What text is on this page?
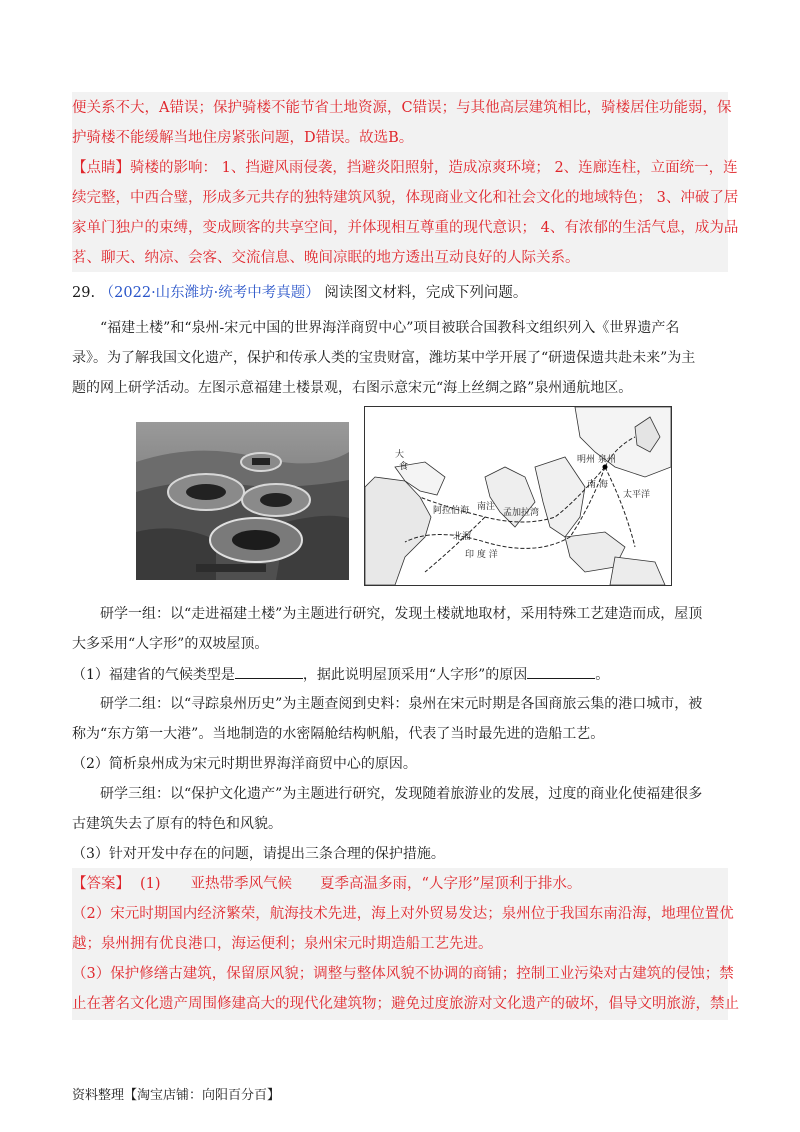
便关系不大，A错误；保护骑楼不能节省土地资源，C错误；与其他高层建筑相比，骑楼居住功能弱，保
护骑楼不能缓解当地住房紧张问题，D错误。故选B。
【点睛】骑楼的影响： 1、挡避风雨侵袭，挡避炎阳照射，造成凉爽环境； 2、连廊连柱，立面统一，连
续完整，中西合璧，形成多元共存的独特建筑风貌，体现商业文化和社会文化的地域特色； 3、冲破了居
家单门独户的束缚，变成顾客的共享空间，并体现相互尊重的现代意识； 4、有浓郁的生活气息，成为品
茗、聊天、纳凉、会客、交流信息、晚间凉眠的地方透出互动良好的人际关系。
29. （2022·山东潍坊·统考中考真题） 阅读图文材料，完成下列问题。
“福建土楼”和“泉州-宋元中国的世界海洋商贸中心”项目被联合国教科文组织列入《世界遗产名
录》。为了解我国文化遗产，保护和传承人类的宝贵财富，潍坊某中学开展了“研遗保遗共赴未来”为主
题的网上研学活动。左图示意福建土楼景观，右图示意宋元“海上丝绸之路”泉州通航地区。
大
食
阿拉伯海 南注
孟加拉湾
北溜
印 度 洋
明州 泉州
南 海
太平洋
研学一组：以“走进福建土楼”为主题进行研究，发现土楼就地取材，采用特殊工艺建造而成，屋顶
大多采用“人字形”的双坡屋顶。
（1）福建省的气候类型是	，据此说明屋顶采用“人字形”的原因	。
研学二组：以“寻踪泉州历史”为主题查阅到史料：泉州在宋元时期是各国商旅云集的港口城市，被
称为“东方第一大港”。当地制造的水密隔舱结构帆船，代表了当时最先进的造船工艺。
（2）简析泉州成为宋元时期世界海洋商贸中心的原因。
研学三组：以“保护文化遗产”为主题进行研究，发现随着旅游业的发展，过度的商业化使福建很多
古建筑失去了原有的特色和风貌。
（3）针对开发中存在的问题，请提出三条合理的保护措施。
【答案】 (1) 亚热带季风气候 夏季高温多雨，“人字形”屋顶利于排水。
（2）宋元时期国内经济繁荣，航海技术先进，海上对外贸易发达；泉州位于我国东南沿海，地理位置优
越；泉州拥有优良港口，海运便利；泉州宋元时期造船工艺先进。
（3）保护修缮古建筑，保留原风貌；调整与整体风貌不协调的商铺；控制工业污染对古建筑的侵蚀；禁
止在著名文化遗产周围修建高大的现代化建筑物；避免过度旅游对文化遗产的破坏，倡导文明旅游，禁止
资料整理【淘宝店铺：向阳百分百】
